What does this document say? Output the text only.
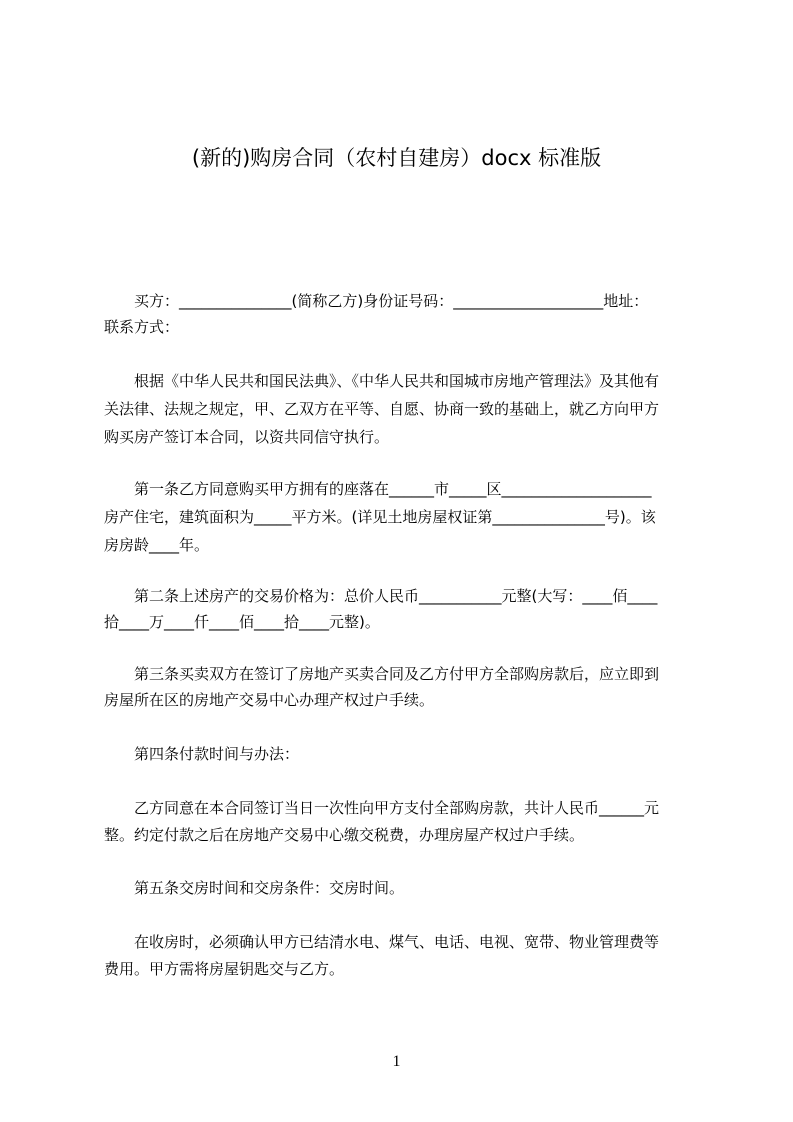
(新的)购房合同（农村自建房）docx 标准版

　　买方：_______________(简称乙方)身份证号码：____________________地址：

联系方式：

　　根据《中华人民共和国民法典》、《中华人民共和国城市房地产管理法》及其他有

关法律、法规之规定，甲、乙双方在平等、自愿、协商一致的基础上，就乙方向甲方

购买房产签订本合同，以资共同信守执行。

　　第一条乙方同意购买甲方拥有的座落在______市_____区____________________

房产住宅，建筑面积为_____平方米。(详见土地房屋权证第_______________号)。该

房房龄____年。

　　第二条上述房产的交易价格为：总价人民币___________元整(大写：____佰____

拾____万____仟____佰____拾____元整)。

　　第三条买卖双方在签订了房地产买卖合同及乙方付甲方全部购房款后，应立即到

房屋所在区的房地产交易中心办理产权过户手续。

　　第四条付款时间与办法：

　　乙方同意在本合同签订当日一次性向甲方支付全部购房款，共计人民币______元

整。约定付款之后在房地产交易中心缴交税费，办理房屋产权过户手续。

　　第五条交房时间和交房条件：交房时间。

　　在收房时，必须确认甲方已结清水电、煤气、电话、电视、宽带、物业管理费等

费用。甲方需将房屋钥匙交与乙方。

1
